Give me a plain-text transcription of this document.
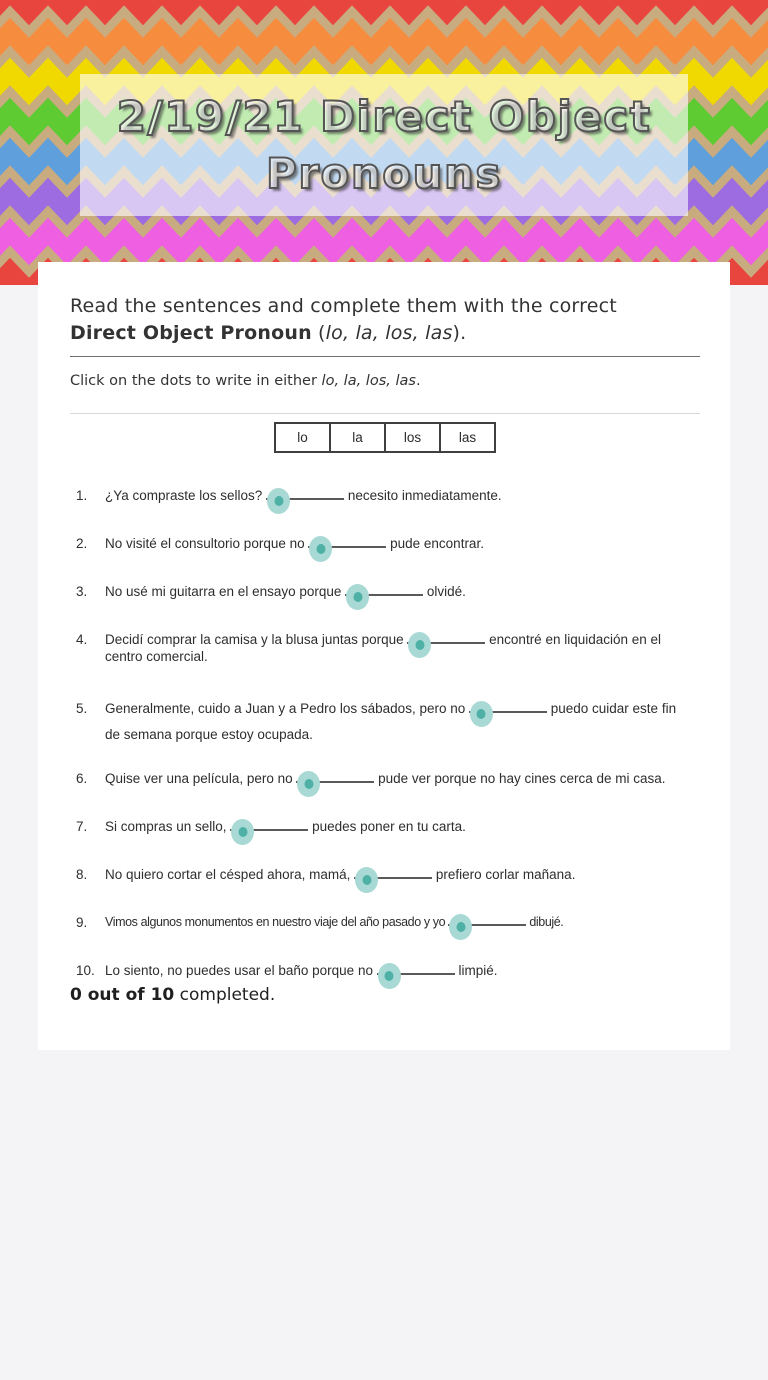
2/19/21 Direct Object
Pronouns
Read the sentences and complete them with the correct
Direct Object Pronoun (lo, la, los, las).

Click on the dots to write in either lo, la, los, las.

lo	la	los	las
1.	¿Ya compraste los sellos?	necesito inmediatamente.
2.	No visité el consultorio porque no	pude encontrar.
3.	No usé mi guitarra en el ensayo porque	olvidé.
4.	Decidí comprar la camisa y la blusa juntas porque	encontré en liquidación en el centro comercial.
5.	Generalmente, cuido a Juan y a Pedro los sábados, pero no	puedo cuidar este fin de semana porque estoy ocupada.
6.	Quise ver una película, pero no	pude ver porque no hay cines cerca de mi casa.
7.	Si compras un sello,	puedes poner en tu carta.
8.	No quiero cortar el césped ahora, mamá,	prefiero corlar mañana.
9.	Vimos algunos monumentos en nuestro viaje del año pasado y yo	dibujé.
10. Lo siento, no puedes usar el baño porque no	limpié.

0 out of 10 completed.
